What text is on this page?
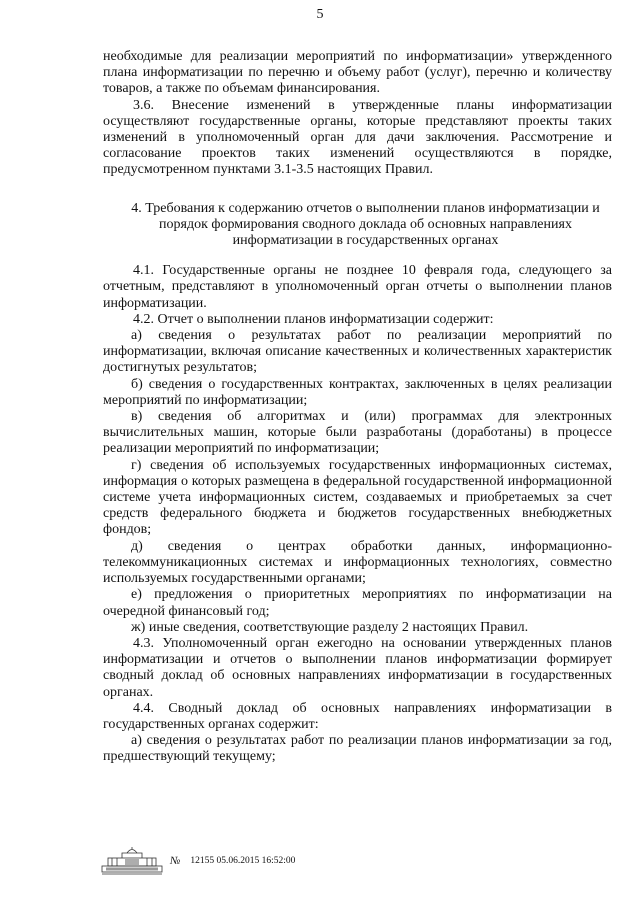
5

необходимые для реализации мероприятий по информатизации» утвержденного плана информатизации по перечню и объему работ (услуг), перечню и количеству товаров, а также по объемам финансирования.

3.6. Внесение изменений в утвержденные планы информатизации осуществляют государственные органы, которые представляют проекты таких изменений в уполномоченный орган для дачи заключения. Рассмотрение и согласование проектов таких изменений осуществляются в порядке, предусмотренном пунктами 3.1-3.5 настоящих Правил.

4. Требования к содержанию отчетов о выполнении планов информатизации и порядок формирования сводного доклада об основных направлениях информатизации в государственных органах

4.1. Государственные органы не позднее 10 февраля года, следующего за отчетным, представляют в уполномоченный орган отчеты о выполнении планов информатизации.

4.2. Отчет о выполнении планов информатизации содержит:

а) сведения о результатах работ по реализации мероприятий по информатизации, включая описание качественных и количественных характеристик достигнутых результатов;

б) сведения о государственных контрактах, заключенных в целях реализации мероприятий по информатизации;

в) сведения об алгоритмах и (или) программах для электронных вычислительных машин, которые были разработаны (доработаны) в процессе реализации мероприятий по информатизации;

г) сведения об используемых государственных информационных системах, информация о которых размещена в федеральной государственной информационной системе учета информационных систем, создаваемых и приобретаемых за счет средств федерального бюджета и бюджетов государственных внебюджетных фондов;

д) сведения о центрах обработки данных, информационно-телекоммуникационных системах и информационных технологиях, совместно используемых государственными органами;

е) предложения о приоритетных мероприятиях по информатизации на очередной финансовый год;

ж) иные сведения, соответствующие разделу 2 настоящих Правил.

4.3. Уполномоченный орган ежегодно на основании утвержденных планов информатизации и отчетов о выполнении планов информатизации формирует сводный доклад об основных направлениях информатизации в государственных органах.

4.4. Сводный доклад об основных направлениях информатизации в государственных органах содержит:

а) сведения о результатах работ по реализации планов информатизации за год, предшествующий текущему;

№ 12155 05.06.2015 16:52:00
